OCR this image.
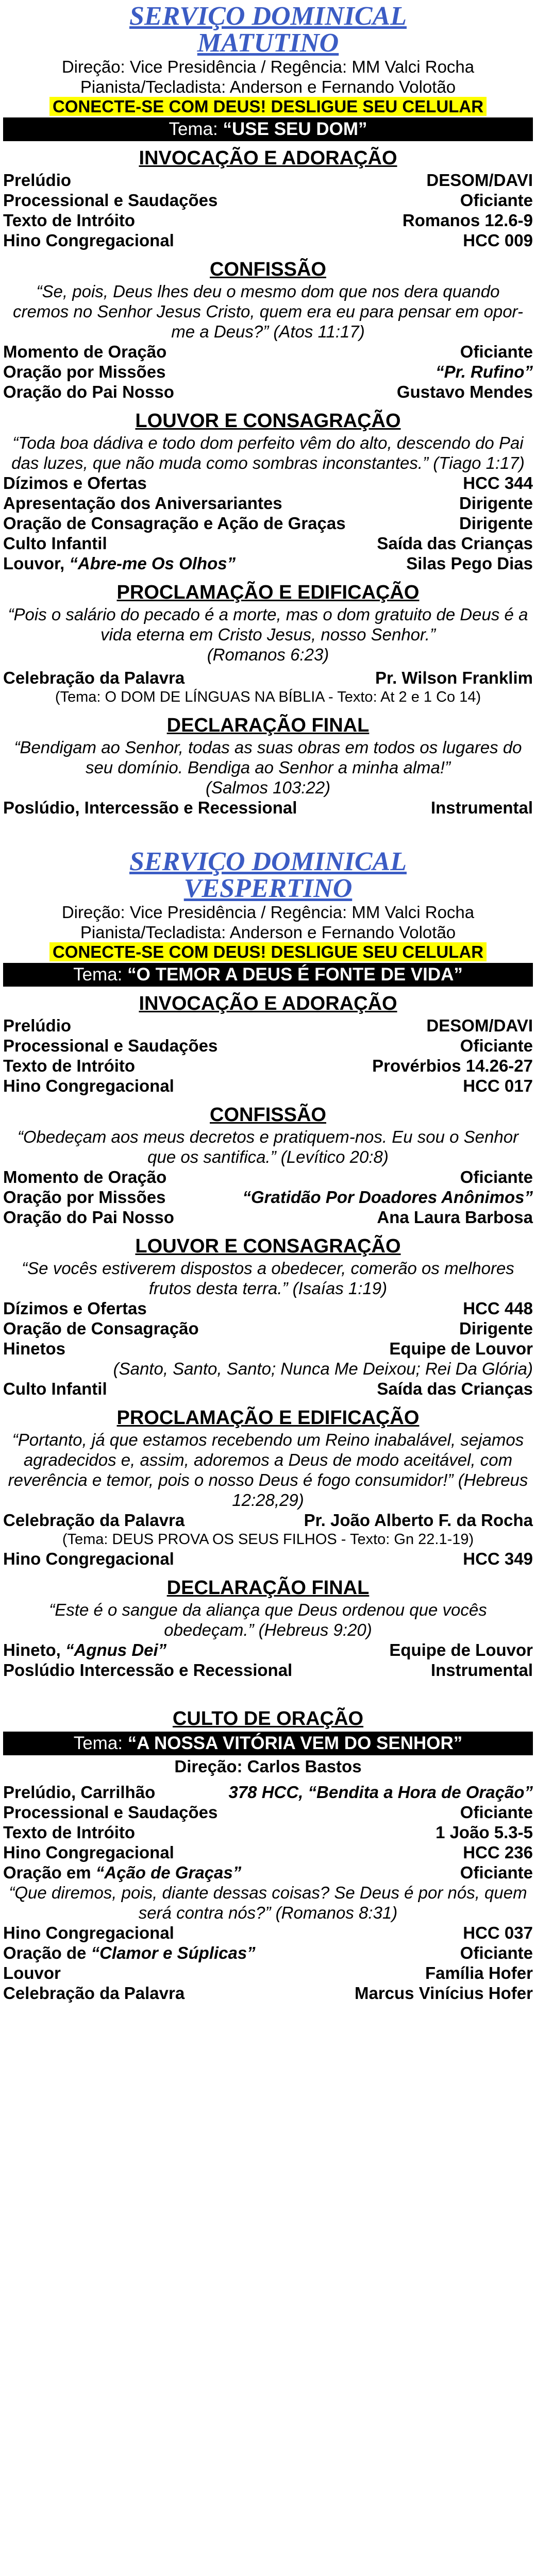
SERVIÇO DOMINICAL
MATUTINO
Direção: Vice Presidência / Regência: MM Valci Rocha
Pianista/Tecladista: Anderson e Fernando Volotão
CONECTE-SE COM DEUS! DESLIGUE SEU CELULAR
Tema: “USE SEU DOM”
INVOCAÇÃO E ADORAÇÃO
Prelúdio	DESOM/DAVI
Processional e Saudações	Oficiante
Texto de Intróito	Romanos 12.6-9
Hino Congregacional	HCC 009
CONFISSÃO
“Se, pois, Deus lhes deu o mesmo dom que nos dera quando cremos no Senhor Jesus Cristo, quem era eu para pensar em opor-me a Deus?” (Atos 11:17)
Momento de Oração	Oficiante
Oração por Missões	“Pr. Rufino”
Oração do Pai Nosso	Gustavo Mendes
LOUVOR E CONSAGRAÇÃO
“Toda boa dádiva e todo dom perfeito vêm do alto, descendo do Pai das luzes, que não muda como sombras inconstantes.” (Tiago 1:17)
Dízimos e Ofertas	HCC 344
Apresentação dos Aniversariantes	Dirigente
Oração de Consagração e Ação de Graças	Dirigente
Culto Infantil	Saída das Crianças
Louvor, “Abre-me Os Olhos”	Silas Pego Dias
PROCLAMAÇÃO E EDIFICAÇÃO
“Pois o salário do pecado é a morte, mas o dom gratuito de Deus é a vida eterna em Cristo Jesus, nosso Senhor.”
(Romanos 6:23)
Celebração da Palavra	Pr. Wilson Franklim
(Tema: O DOM DE LÍNGUAS NA BÍBLIA - Texto: At 2 e 1 Co 14)
DECLARAÇÃO FINAL
“Bendigam ao Senhor, todas as suas obras em todos os lugares do seu domínio. Bendiga ao Senhor a minha alma!”
(Salmos 103:22)
Poslúdio, Intercessão e Recessional	Instrumental
SERVIÇO DOMINICAL
VESPERTINO
Direção: Vice Presidência / Regência: MM Valci Rocha
Pianista/Tecladista: Anderson e Fernando Volotão
CONECTE-SE COM DEUS! DESLIGUE SEU CELULAR
Tema: “O TEMOR A DEUS É FONTE DE VIDA”
INVOCAÇÃO E ADORAÇÃO
Prelúdio	DESOM/DAVI
Processional e Saudações	Oficiante
Texto de Intróito	Provérbios 14.26-27
Hino Congregacional	HCC 017
CONFISSÃO
“Obedeçam aos meus decretos e pratiquem-nos. Eu sou o Senhor que os santifica.” (Levítico 20:8)
Momento de Oração	Oficiante
Oração por Missões	“Gratidão Por Doadores Anônimos”
Oração do Pai Nosso	Ana Laura Barbosa
LOUVOR E CONSAGRAÇÃO
“Se vocês estiverem dispostos a obedecer, comerão os melhores frutos desta terra.” (Isaías 1:19)
Dízimos e Ofertas	HCC 448
Oração de Consagração	Dirigente
Hinetos	Equipe de Louvor
(Santo, Santo, Santo; Nunca Me Deixou; Rei Da Glória)
Culto Infantil	Saída das Crianças
PROCLAMAÇÃO E EDIFICAÇÃO
“Portanto, já que estamos recebendo um Reino inabalável, sejamos agradecidos e, assim, adoremos a Deus de modo aceitável, com reverência e temor, pois o nosso Deus é fogo consumidor!” (Hebreus 12:28,29)
Celebração da Palavra	Pr. João Alberto F. da Rocha
(Tema: DEUS PROVA OS SEUS FILHOS - Texto: Gn 22.1-19)
Hino Congregacional	HCC 349
DECLARAÇÃO FINAL
“Este é o sangue da aliança que Deus ordenou que vocês obedeçam.” (Hebreus 9:20)
Hineto, “Agnus Dei”	Equipe de Louvor
Poslúdio Intercessão e Recessional	Instrumental
CULTO DE ORAÇÃO
Tema: “A NOSSA VITÓRIA VEM DO SENHOR”
Direção: Carlos Bastos
Prelúdio, Carrilhão	378 HCC, “Bendita a Hora de Oração”
Processional e Saudações	Oficiante
Texto de Intróito	1 João 5.3-5
Hino Congregacional	HCC 236
Oração em “Ação de Graças”	Oficiante
“Que diremos, pois, diante dessas coisas? Se Deus é por nós, quem será contra nós?” (Romanos 8:31)
Hino Congregacional	HCC 037
Oração de “Clamor e Súplicas”	Oficiante
Louvor	Família Hofer
Celebração da Palavra	Marcus Vinícius Hofer
